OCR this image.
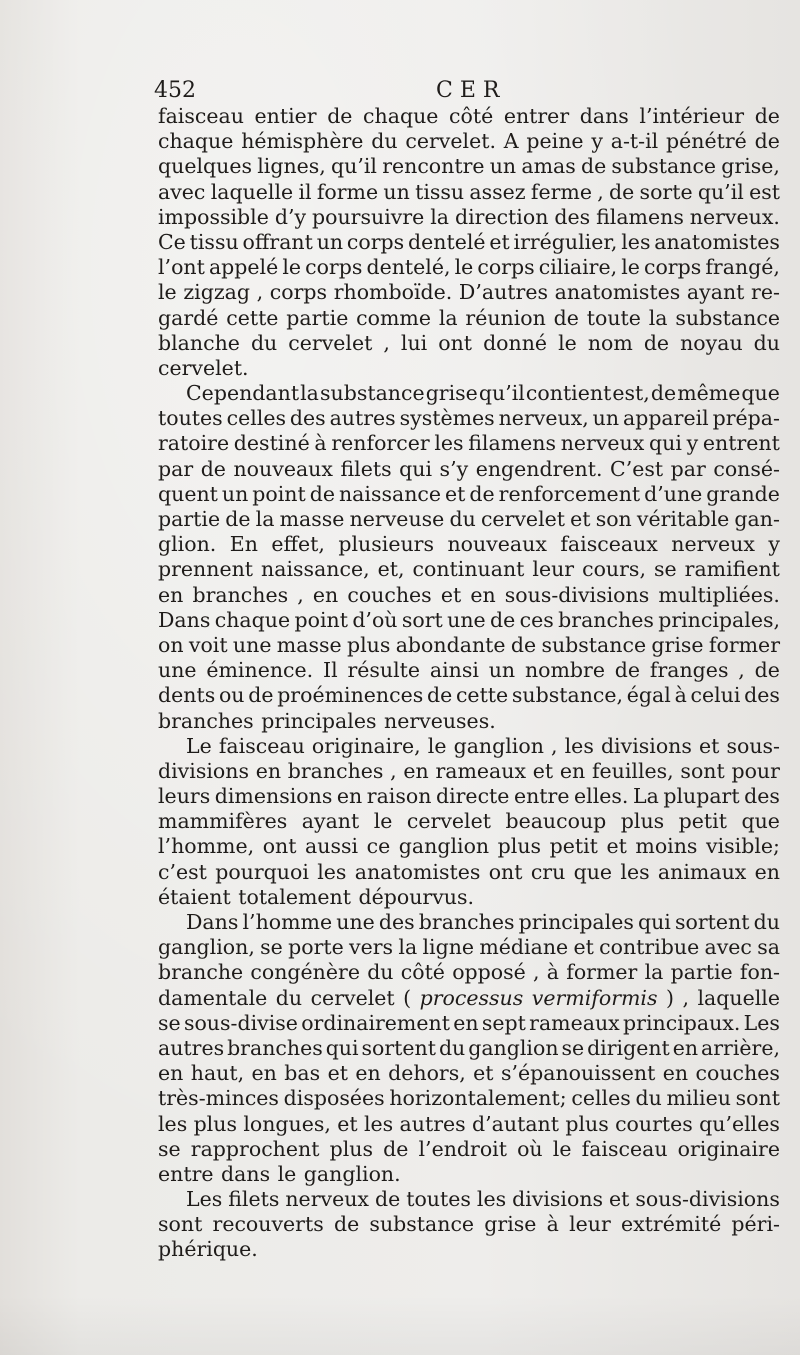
452	CER
faisceau entier de chaque côté entrer dans l’intérieur de
chaque hémisphère du cervelet. A peine y a-t-il pénétré de
quelques lignes, qu’il rencontre un amas de substance grise,
avec laquelle il forme un tissu assez ferme , de sorte qu’il est
impossible d’y poursuivre la direction des filamens nerveux.
Ce tissu offrant un corps dentelé et irrégulier, les anatomistes
l’ont appelé le corps dentelé, le corps ciliaire, le corps frangé,
le zigzag , corps rhomboïde. D’autres anatomistes ayant re-
gardé cette partie comme la réunion de toute la substance
blanche du cervelet , lui ont donné le nom de noyau du
cervelet.
Cependant la substance grise qu’il contient est, de même que
toutes celles des autres systèmes nerveux, un appareil prépa-
ratoire destiné à renforcer les filamens nerveux qui y entrent
par de nouveaux filets qui s’y engendrent. C’est par consé-
quent un point de naissance et de renforcement d’une grande
partie de la masse nerveuse du cervelet et son véritable gan-
glion. En effet, plusieurs nouveaux faisceaux nerveux y
prennent naissance, et, continuant leur cours, se ramifient
en branches , en couches et en sous-divisions multipliées.
Dans chaque point d’où sort une de ces branches principales,
on voit une masse plus abondante de substance grise former
une éminence. Il résulte ainsi un nombre de franges , de
dents ou de proéminences de cette substance, égal à celui des
branches principales nerveuses.
Le faisceau originaire, le ganglion , les divisions et sous-
divisions en branches , en rameaux et en feuilles, sont pour
leurs dimensions en raison directe entre elles. La plupart des
mammifères ayant le cervelet beaucoup plus petit que
l’homme, ont aussi ce ganglion plus petit et moins visible;
c’est pourquoi les anatomistes ont cru que les animaux en
étaient totalement dépourvus.
Dans l’homme une des branches principales qui sortent du
ganglion, se porte vers la ligne médiane et contribue avec sa
branche congénère du côté opposé , à former la partie fon-
damentale du cervelet ( processus vermiformis ) , laquelle
se sous-divise ordinairement en sept rameaux principaux. Les
autres branches qui sortent du ganglion se dirigent en arrière,
en haut, en bas et en dehors, et s’épanouissent en couches
très-minces disposées horizontalement; celles du milieu sont
les plus longues, et les autres d’autant plus courtes qu’elles
se rapprochent plus de l’endroit où le faisceau originaire
entre dans le ganglion.
Les filets nerveux de toutes les divisions et sous-divisions
sont recouverts de substance grise à leur extrémité péri-
phérique.
